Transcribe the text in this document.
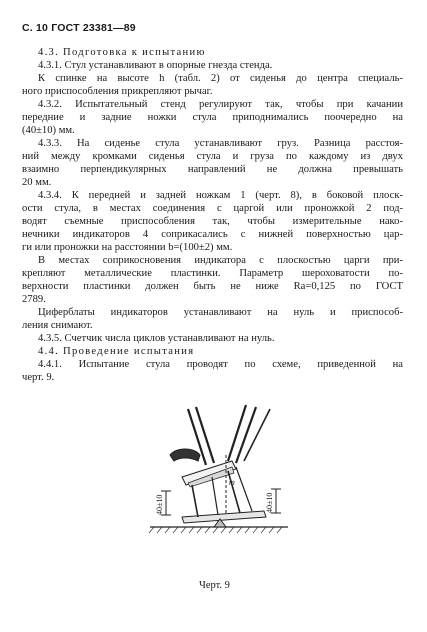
С. 10 ГОСТ 23381—89
4.3. Подготовка к испытанию
4.3.1. Стул устанавливают в опорные гнезда стенда.
К спинке на высоте h (табл. 2) от сиденья до центра специаль-
ного приспособления прикрепляют рычаг.
4.3.2. Испытательный стенд регулируют так, чтобы при качании
передние и задние ножки стула приподнимались поочередно на
(40±10) мм.
4.3.3. На сиденье стула устанавливают груз. Разница расстоя-
ний между кромками сиденья стула и груза по каждому из двух
взаимно перпендикулярных направлений не должна превышать
20 мм.
4.3.4. К передней и задней ножкам 1 (черт. 8), в боковой плоск-
ости стула, в местах соединения с царгой или проножкой 2 под-
водят съемные приспособления так, чтобы измерительные нако-
нечники индикаторов 4 соприкасались с нижней поверхностью цар-
ги или проножки на расстоянии b=(100±2) мм.
В местах соприкосновения индикатора с плоскостью царги при-
крепляют металлические пластинки. Параметр шероховатости по-
верхности пластинки должен быть не ниже Ra=0,125 по ГОСТ
2789.
Циферблаты индикаторов устанавливают на нуль и приспособ-
ления снимают.
4.3.5. Счетчик числа циклов устанавливают на нуль.
4.4. Проведение испытания
4.4.1. Испытание стула проводят по схеме, приведенной на
черт. 9.
40±10	40±10
m
Черт. 9
